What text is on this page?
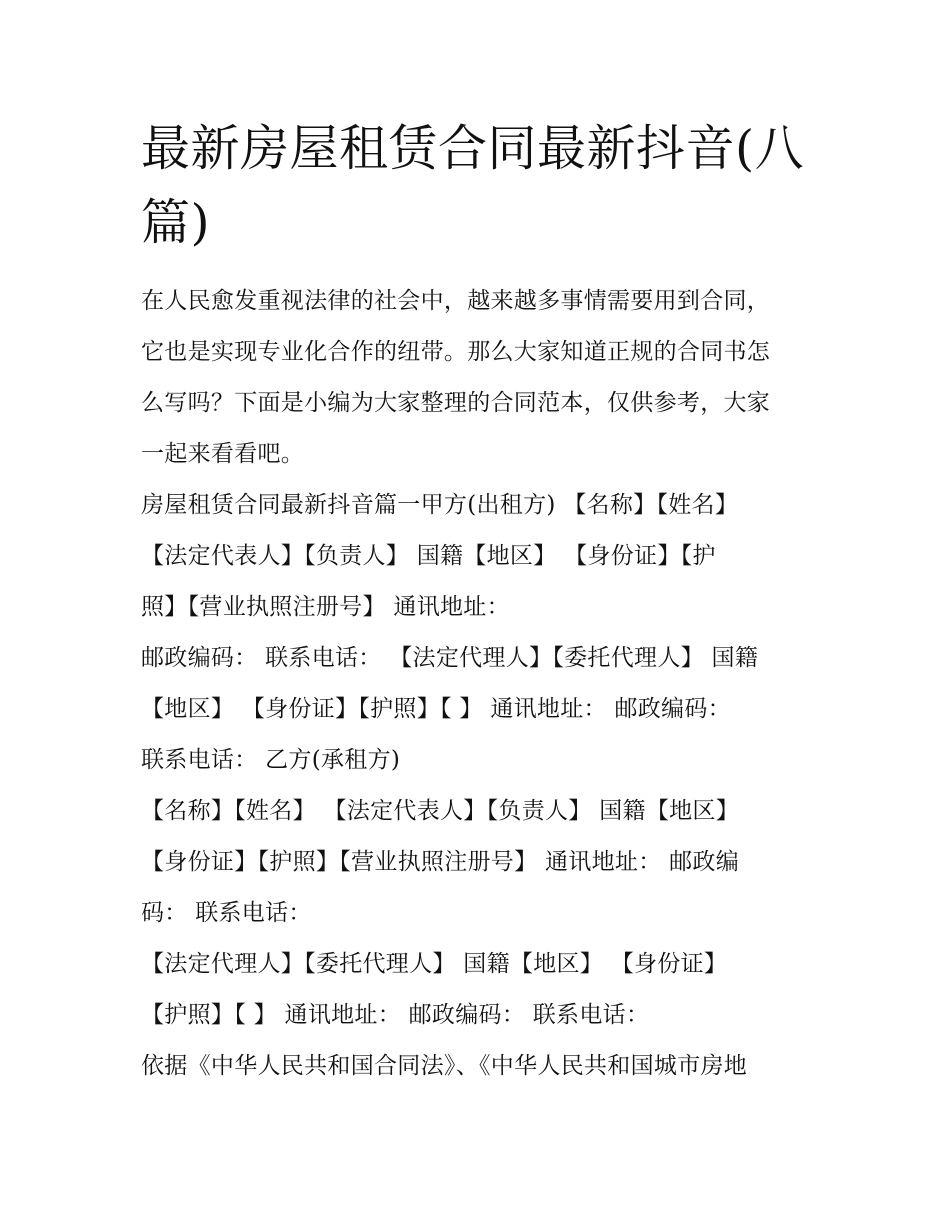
最新房屋租赁合同最新抖音(八
篇)
在人民愈发重视法律的社会中，越来越多事情需要用到合同，
它也是实现专业化合作的纽带。那么大家知道正规的合同书怎
么写吗？下面是小编为大家整理的合同范本，仅供参考，大家
一起来看看吧。
房屋租赁合同最新抖音篇一甲方(出租方) 【名称】【姓名】
【法定代表人】【负责人】 国籍【地区】 【身份证】【护
照】【营业执照注册号】 通讯地址：
邮政编码： 联系电话： 【法定代理人】【委托代理人】 国籍
【地区】 【身份证】【护照】【 】 通讯地址： 邮政编码：
联系电话： 乙方(承租方)
【名称】【姓名】 【法定代表人】【负责人】 国籍【地区】
【身份证】【护照】【营业执照注册号】 通讯地址： 邮政编
码： 联系电话：
【法定代理人】【委托代理人】 国籍【地区】 【身份证】
【护照】【 】 通讯地址： 邮政编码： 联系电话：
依据《中华人民共和国合同法》、《中华人民共和国城市房地
